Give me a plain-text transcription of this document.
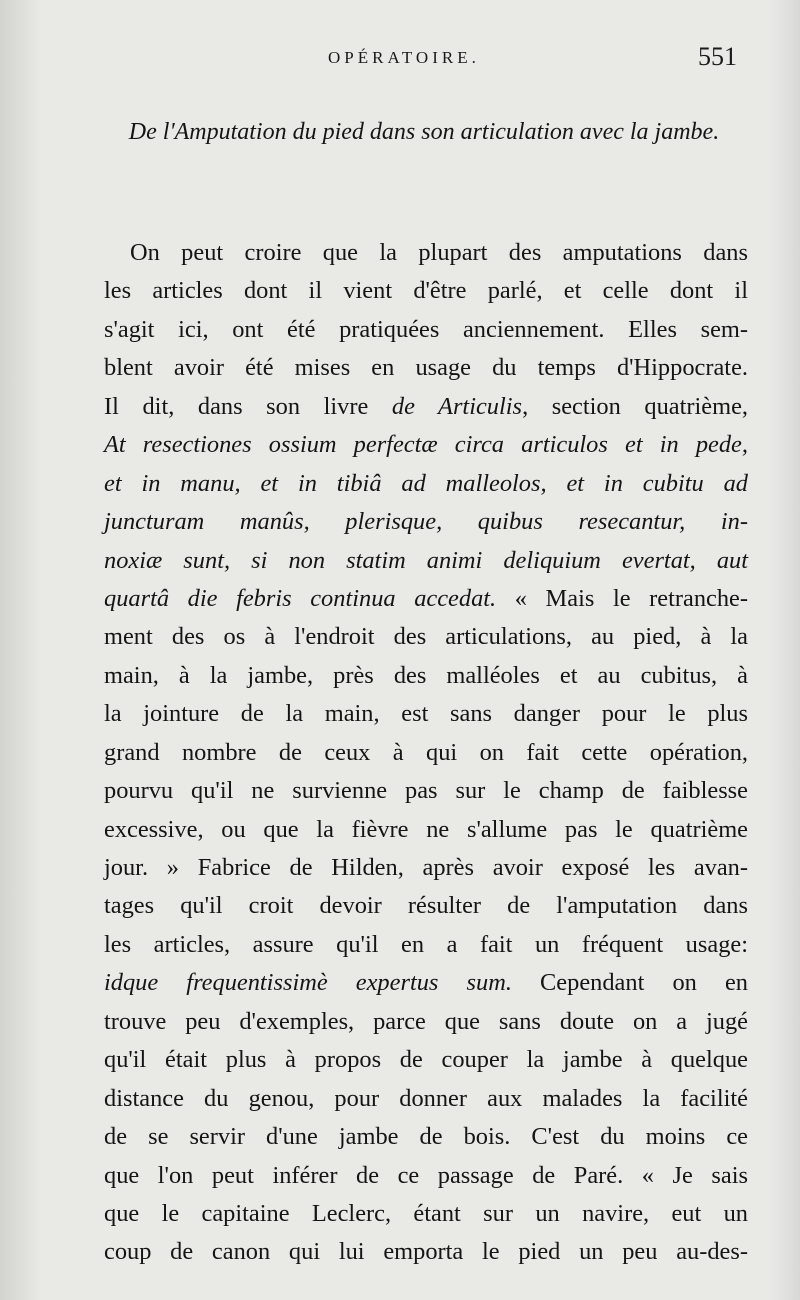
OPÉRATOIRE.	551
De l'Amputation du pied dans son articulation avec la jambe.
On peut croire que la plupart des amputations dans
les articles dont il vient d'être parlé, et celle dont il
s'agit ici, ont été pratiquées anciennement. Elles sem-
blent avoir été mises en usage du temps d'Hippocrate.
Il dit, dans son livre de Articulis, section quatrième,
At resectiones ossium perfectæ circa articulos et in pede,
et in manu, et in tibiâ ad malleolos, et in cubitu ad
juncturam manûs, plerisque, quibus resecantur, in-
noxiæ sunt, si non statim animi deliquium evertat, aut
quartâ die febris continua accedat. « Mais le retranche-
ment des os à l'endroit des articulations, au pied, à la
main, à la jambe, près des malléoles et au cubitus, à
la jointure de la main, est sans danger pour le plus
grand nombre de ceux à qui on fait cette opération,
pourvu qu'il ne survienne pas sur le champ de faiblesse
excessive, ou que la fièvre ne s'allume pas le quatrième
jour. » Fabrice de Hilden, après avoir exposé les avan-
tages qu'il croit devoir résulter de l'amputation dans
les articles, assure qu'il en a fait un fréquent usage:
idque frequentissimè expertus sum. Cependant on en
trouve peu d'exemples, parce que sans doute on a jugé
qu'il était plus à propos de couper la jambe à quelque
distance du genou, pour donner aux malades la facilité
de se servir d'une jambe de bois. C'est du moins ce
que l'on peut inférer de ce passage de Paré. « Je sais
que le capitaine Leclerc, étant sur un navire, eut un
coup de canon qui lui emporta le pied un peu au-des-
